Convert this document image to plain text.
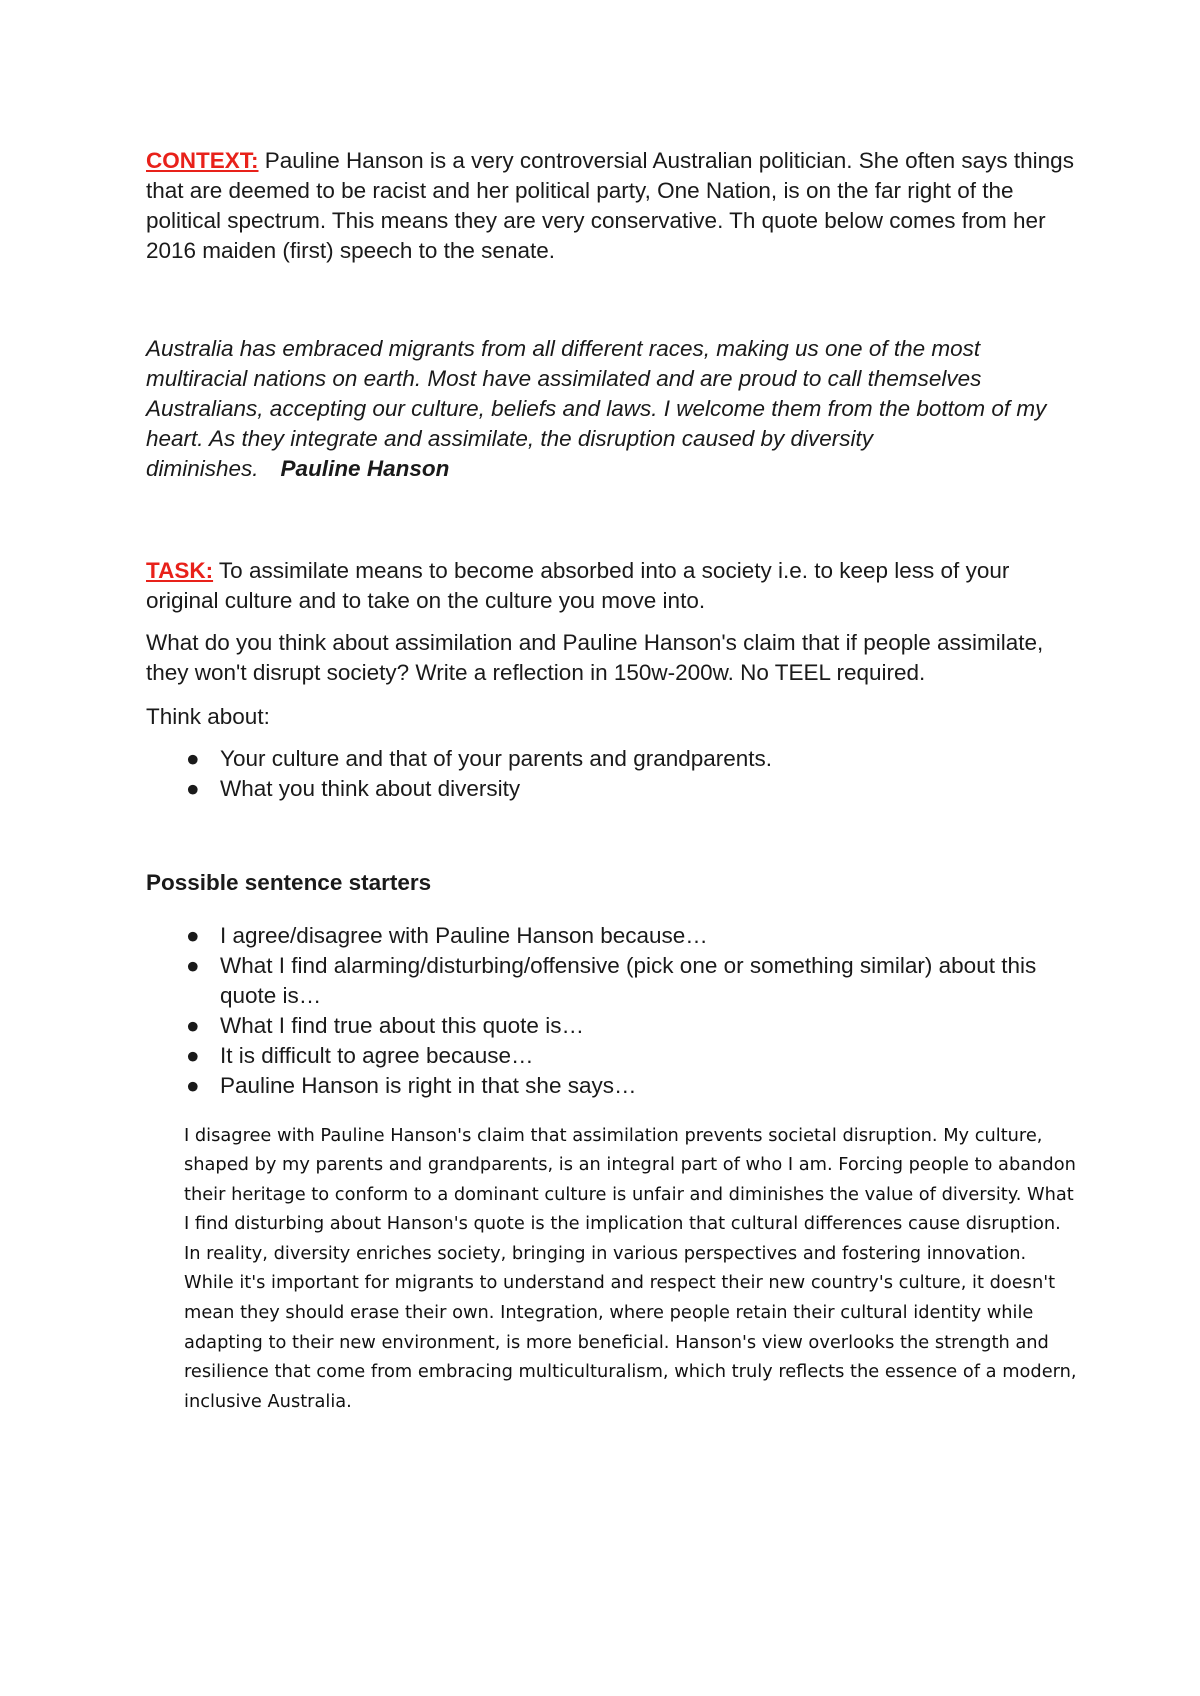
CONTEXT: Pauline Hanson is a very controversial Australian politician. She often says things that are deemed to be racist and her political party, One Nation, is on the far right of the political spectrum. This means they are very conservative. Th quote below comes from her 2016 maiden (first) speech to the senate.

Australia has embraced migrants from all different races, making us one of the most multiracial nations on earth. Most have assimilated and are proud to call themselves Australians, accepting our culture, beliefs and laws. I welcome them from the bottom of my heart. As they integrate and assimilate, the disruption caused by diversity diminishes. Pauline Hanson

TASK: To assimilate means to become absorbed into a society i.e. to keep less of your original culture and to take on the culture you move into.

What do you think about assimilation and Pauline Hanson's claim that if people assimilate, they won't disrupt society? Write a reflection in 150w-200w. No TEEL required.

Think about:

● Your culture and that of your parents and grandparents.
● What you think about diversity

Possible sentence starters

● I agree/disagree with Pauline Hanson because…
● What I find alarming/disturbing/offensive (pick one or something similar) about this quote is…
● What I find true about this quote is…
● It is difficult to agree because…
● Pauline Hanson is right in that she says…

I disagree with Pauline Hanson's claim that assimilation prevents societal disruption. My culture, shaped by my parents and grandparents, is an integral part of who I am. Forcing people to abandon their heritage to conform to a dominant culture is unfair and diminishes the value of diversity. What I find disturbing about Hanson's quote is the implication that cultural differences cause disruption. In reality, diversity enriches society, bringing in various perspectives and fostering innovation. While it's important for migrants to understand and respect their new country's culture, it doesn't mean they should erase their own. Integration, where people retain their cultural identity while adapting to their new environment, is more beneficial. Hanson's view overlooks the strength and resilience that come from embracing multiculturalism, which truly reflects the essence of a modern, inclusive Australia.
